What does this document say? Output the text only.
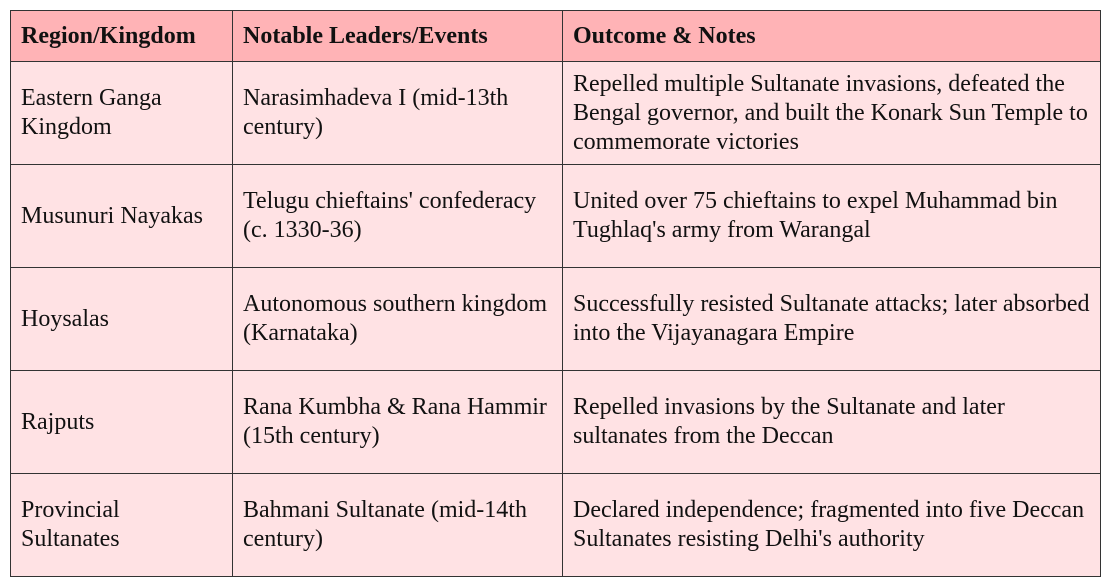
Region/Kingdom	Notable Leaders/Events	Outcome & Notes
Eastern Ganga Kingdom	Narasimhadeva I (mid-13th century)	Repelled multiple Sultanate invasions, defeated the Bengal governor, and built the Konark Sun Temple to commemorate victories
Musunuri Nayakas	Telugu chieftains' confederacy (c. 1330-36)	United over 75 chieftains to expel Muhammad bin Tughlaq's army from Warangal
Hoysalas	Autonomous southern kingdom (Karnataka)	Successfully resisted Sultanate attacks; later absorbed into the Vijayanagara Empire
Rajputs	Rana Kumbha & Rana Hammir (15th century)	Repelled invasions by the Sultanate and later sultanates from the Deccan
Provincial Sultanates	Bahmani Sultanate (mid-14th century)	Declared independence; fragmented into five Deccan Sultanates resisting Delhi's authority
